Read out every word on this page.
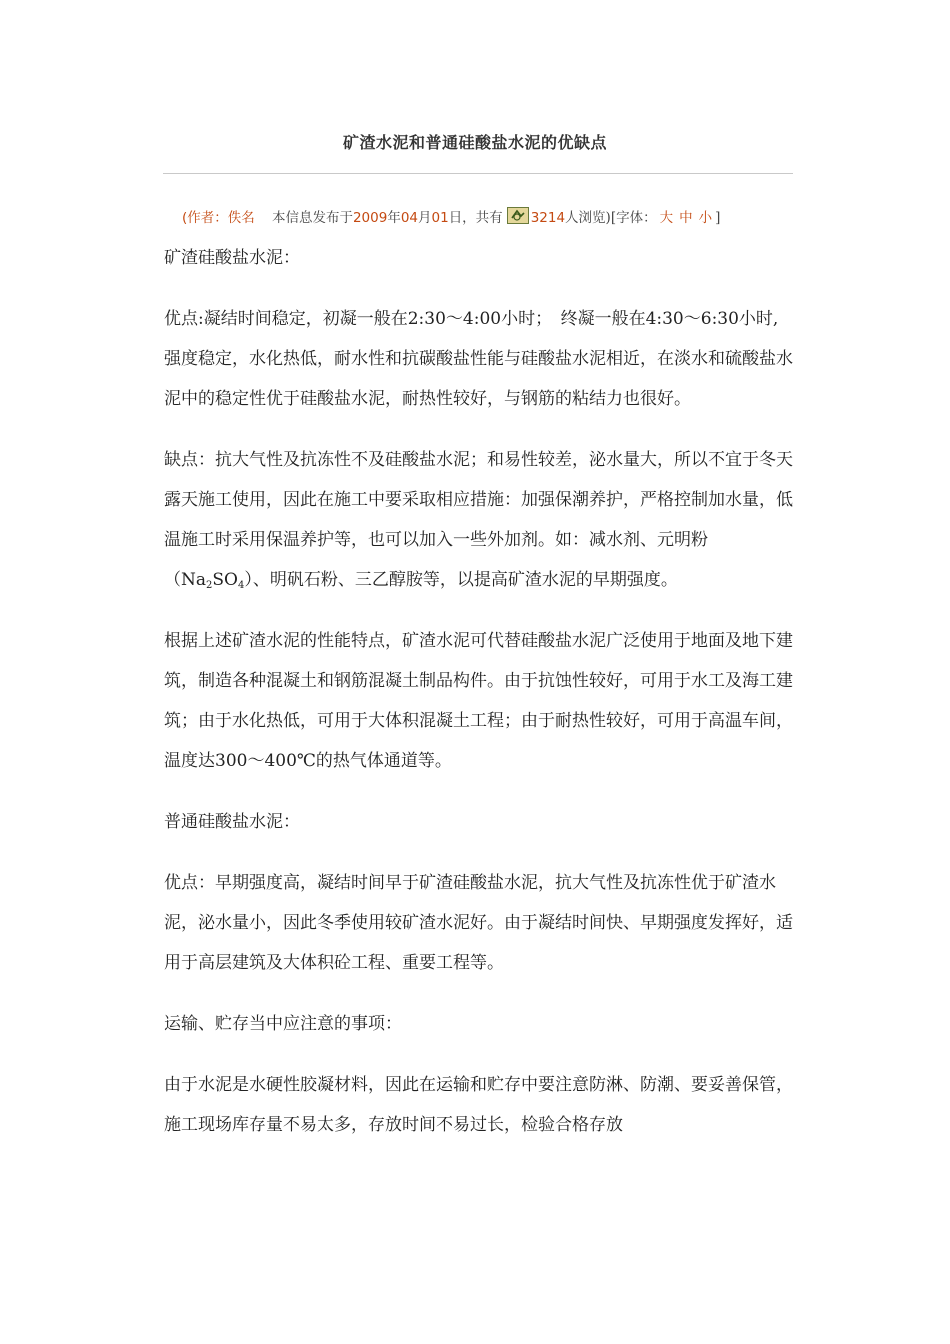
矿渣水泥和普通硅酸盐水泥的优缺点
(作者：佚名 本信息发布于2009年04月01日，共有 3214人浏览)[字体： 大 中 小 ]

矿渣硅酸盐水泥：

优点:凝结时间稳定，初凝一般在2:30～4:00小时；　终凝一般在4:30～6:30小时,强度稳定，水化热低，耐水性和抗碳酸盐性能与硅酸盐水泥相近，在淡水和硫酸盐水泥中的稳定性优于硅酸盐水泥，耐热性较好，与钢筋的粘结力也很好。

缺点：抗大气性及抗冻性不及硅酸盐水泥；和易性较差，泌水量大，所以不宜于冬天露天施工使用，因此在施工中要采取相应措施：加强保潮养护，严格控制加水量，低温施工时采用保温养护等，也可以加入一些外加剂。如：减水剂、元明粉$(Na_2SO_4)$、明矾石粉、三乙醇胺等，以提高矿渣水泥的早期强度。

根据上述矿渣水泥的性能特点，矿渣水泥可代替硅酸盐水泥广泛使用于地面及地下建筑，制造各种混凝土和钢筋混凝土制品构件。由于抗蚀性较好，可用于水工及海工建筑；由于水化热低，可用于大体积混凝土工程；由于耐热性较好，可用于高温车间，温度达300～400℃的热气体通道等。

普通硅酸盐水泥：

优点：早期强度高，凝结时间早于矿渣硅酸盐水泥，抗大气性及抗冻性优于矿渣水泥，泌水量小，因此冬季使用较矿渣水泥好。由于凝结时间快、早期强度发挥好，适用于高层建筑及大体积砼工程、重要工程等。

运输、贮存当中应注意的事项：

由于水泥是水硬性胶凝材料，因此在运输和贮存中要注意防淋、防潮、要妥善保管，施工现场库存量不易太多，存放时间不易过长，检验合格存放
